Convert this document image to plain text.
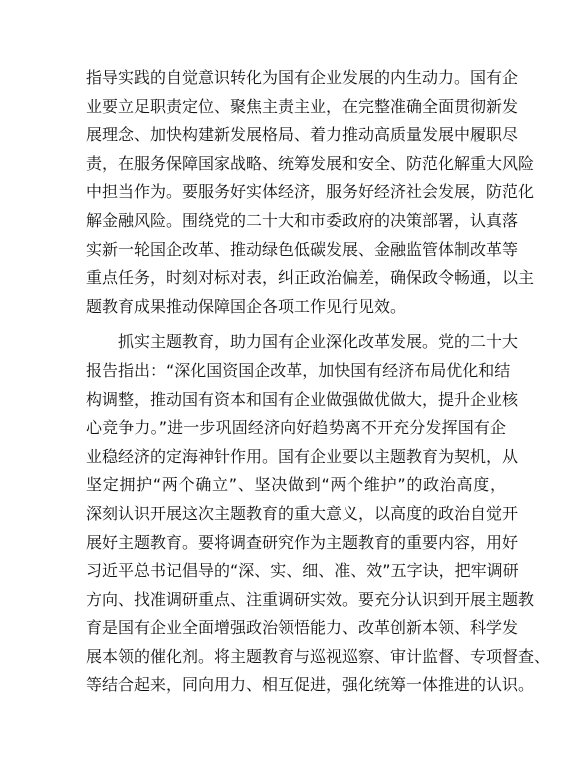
指导实践的自觉意识转化为国有企业发展的内生动力。国有企
业要立足职责定位、聚焦主责主业，在完整准确全面贯彻新发
展理念、加快构建新发展格局、着力推动高质量发展中履职尽
责，在服务保障国家战略、统筹发展和安全、防范化解重大风险
中担当作为。要服务好实体经济，服务好经济社会发展，防范化
解金融风险。围绕党的二十大和市委政府的决策部署，认真落
实新一轮国企改革、推动绿色低碳发展、金融监管体制改革等
重点任务，时刻对标对表，纠正政治偏差，确保政令畅通，以主
题教育成果推动保障国企各项工作见行见效。
抓实主题教育，助力国有企业深化改革发展。党的二十大
报告指出：“深化国资国企改革，加快国有经济布局优化和结
构调整，推动国有资本和国有企业做强做优做大，提升企业核
心竞争力。”进一步巩固经济向好趋势离不开充分发挥国有企
业稳经济的定海神针作用。国有企业要以主题教育为契机，从
坚定拥护“两个确立”、坚决做到“两个维护”的政治高度，
深刻认识开展这次主题教育的重大意义，以高度的政治自觉开
展好主题教育。要将调查研究作为主题教育的重要内容，用好
习近平总书记倡导的“深、实、细、准、效”五字诀，把牢调研
方向、找准调研重点、注重调研实效。要充分认识到开展主题教
育是国有企业全面增强政治领悟能力、改革创新本领、科学发
展本领的催化剂。将主题教育与巡视巡察、审计监督、专项督查、
等结合起来，同向用力、相互促进，强化统筹一体推进的认识。
